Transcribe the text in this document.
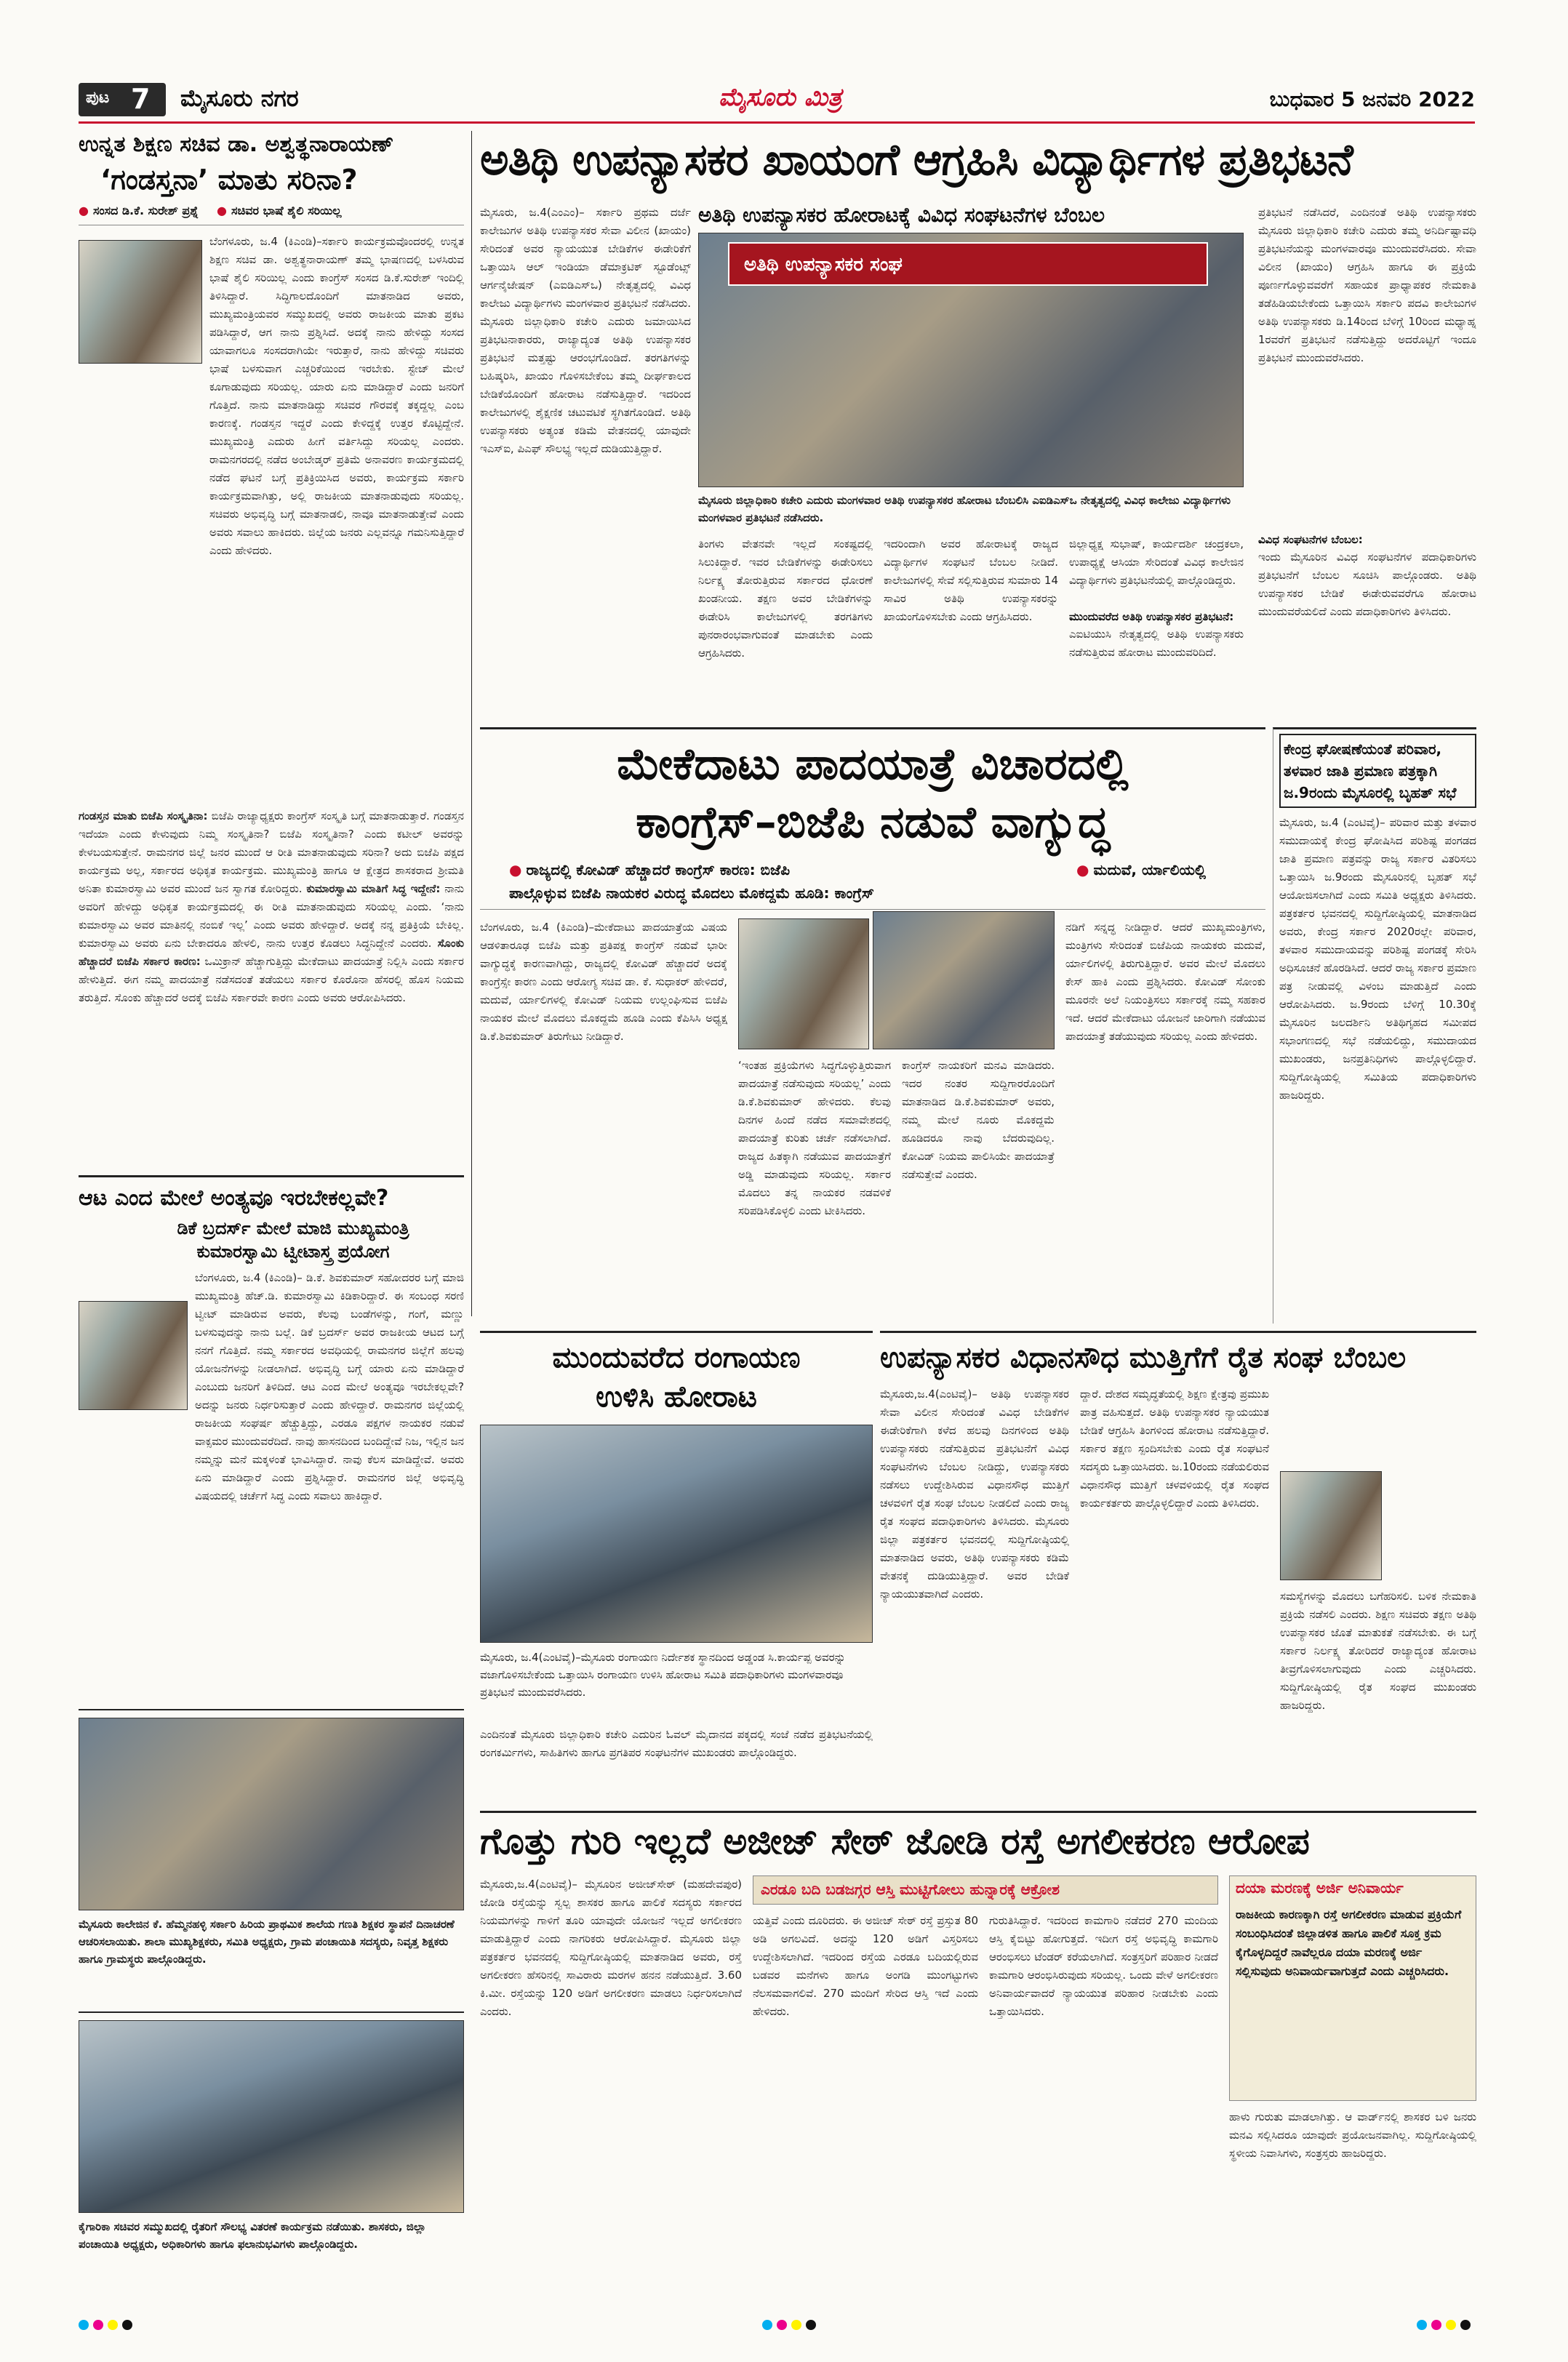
ಪುಟ 7 ಮೈಸೂರು ನಗರ	ಮೈಸೂರು ಮಿತ್ರ	ಬುಧವಾರ 5 ಜನವರಿ 2022
ಉನ್ನತ ಶಿಕ್ಷಣ ಸಚಿವ ಡಾ. ಅಶ್ವತ್ಥನಾರಾಯಣ್
‘ಗಂಡಸ್ತನಾ’ ಮಾತು ಸರಿನಾ?
● ಸಂಸದ ಡಿ.ಕೆ. ಸುರೇಶ್ ಪ್ರಶ್ನೆ ●	ಸಚಿವರ ಭಾಷೆ ಶೈಲಿ ಸರಿಯಿಲ್ಲ
ಬೆಂಗಳೂರು, ಜ.4 (ಕಿಎಂಡಿ)–ಸರ್ಕಾರಿ ಕಾರ್ಯಕ್ರಮವೊಂದರಲ್ಲಿ ಉನ್ನತ ಶಿಕ್ಷಣ ಸಚಿವ ಡಾ. ಅಶ್ವತ್ಥನಾರಾಯಣ್ ತಮ್ಮ ಭಾಷಣದಲ್ಲಿ ಬಳಸಿರುವ ಭಾಷೆ ಶೈಲಿ ಸರಿಯಿಲ್ಲ ಎಂದು ಕಾಂಗ್ರೆಸ್ ಸಂಸದ ಡಿ.ಕೆ.ಸುರೇಶ್ ಇಂದಿಲ್ಲಿ ತಿಳಿಸಿದ್ದಾರೆ. ಸಿದ್ಧಿಗಾಲದೊಂದಿಗೆ ಮಾತನಾಡಿದ ಅವರು, ಮುಖ್ಯಮಂತ್ರಿಯವರ ಸಮ್ಮುಖದಲ್ಲಿ ಅವರು ರಾಜಕೀಯ ಮಾತು ಪ್ರಕಟ ಪಡಿಸಿದ್ದಾರೆ, ಆಗ ನಾನು ಪ್ರಶ್ನಿಸಿದೆ. ಅದಕ್ಕೆ ನಾನು ಹೇಳಿದ್ದು ಸಂಸದ ಯಾವಾಗಲೂ ಸಂಸದರಾಗಿಯೇ ಇರುತ್ತಾರೆ, ನಾನು ಹೇಳಿದ್ದು ಸಚಿವರು ಭಾಷೆ ಬಳಸುವಾಗ ಎಚ್ಚರಿಕೆಯಿಂದ ಇರಬೇಕು. ಸ್ಟೇಜ್ ಮೇಲೆ ಕೂಗಾಡುವುದು ಸರಿಯಲ್ಲ. ಯಾರು ಏನು ಮಾಡಿದ್ದಾರೆ ಎಂದು ಜನರಿಗೆ ಗೊತ್ತಿದೆ. ನಾನು ಮಾತನಾಡಿದ್ದು ಸಚಿವರ ಗೌರವಕ್ಕೆ ತಕ್ಕದ್ದಲ್ಲ ಎಂಬ ಕಾರಣಕ್ಕೆ. ಗಂಡಸ್ತನ ಇದ್ದರೆ ಎಂದು ಕೇಳಿದ್ದಕ್ಕೆ ಉತ್ತರ ಕೊಟ್ಟಿದ್ದೇನೆ. ಮುಖ್ಯಮಂತ್ರಿ ಎದುರು ಹೀಗೆ ವರ್ತಿಸಿದ್ದು ಸರಿಯಲ್ಲ ಎಂದರು. ರಾಮನಗರದಲ್ಲಿ ನಡೆದ ಅಂಬೇಡ್ಕರ್ ಪ್ರತಿಮೆ ಅನಾವರಣ ಕಾರ್ಯಕ್ರಮದಲ್ಲಿ ನಡೆದ ಘಟನೆ ಬಗ್ಗೆ ಪ್ರತಿಕ್ರಿಯಿಸಿದ ಅವರು, ಕಾರ್ಯಕ್ರಮ ಸರ್ಕಾರಿ ಕಾರ್ಯಕ್ರಮವಾಗಿತ್ತು, ಅಲ್ಲಿ ರಾಜಕೀಯ ಮಾತನಾಡುವುದು ಸರಿಯಲ್ಲ. ಸಚಿವರು ಅಭಿವೃದ್ಧಿ ಬಗ್ಗೆ ಮಾತನಾಡಲಿ, ನಾವೂ ಮಾತನಾಡುತ್ತೇವೆ ಎಂದು ಅವರು ಸವಾಲು ಹಾಕಿದರು. ಜಿಲ್ಲೆಯ ಜನರು ಎಲ್ಲವನ್ನೂ ಗಮನಿಸುತ್ತಿದ್ದಾರೆ ಎಂದು ಹೇಳಿದರು.
ಗಂಡಸ್ತನ ಮಾತು ಬಿಜೆಪಿ ಸಂಸ್ಕೃತಿನಾ: ಬಿಜೆಪಿ ರಾಜ್ಯಾಧ್ಯಕ್ಷರು ಕಾಂಗ್ರೆಸ್ ಸಂಸ್ಕೃತಿ ಬಗ್ಗೆ ಮಾತನಾಡುತ್ತಾರೆ. ಗಂಡಸ್ತನ ಇದೆಯಾ ಎಂದು ಕೇಳುವುದು ನಿಮ್ಮ ಸಂಸ್ಕೃತಿನಾ? ಬಿಜೆಪಿ ಸಂಸ್ಕೃತಿನಾ? ಎಂದು ಕಟೀಲ್ ಅವರನ್ನು ಕೇಳಬಯಸುತ್ತೇನೆ. ರಾಮನಗರ ಜಿಲ್ಲೆ ಜನರ ಮುಂದೆ ಆ ರೀತಿ ಮಾತನಾಡುವುದು ಸರಿನಾ? ಅದು ಬಿಜೆಪಿ ಪಕ್ಷದ ಕಾರ್ಯಕ್ರಮ ಅಲ್ಲ, ಸರ್ಕಾರದ ಅಧಿಕೃತ ಕಾರ್ಯಕ್ರಮ. ಮುಖ್ಯಮಂತ್ರಿ ಹಾಗೂ ಆ ಕ್ಷೇತ್ರದ ಶಾಸಕರಾದ ಶ್ರೀಮತಿ ಅನಿತಾ ಕುಮಾರಸ್ವಾಮಿ ಅವರ ಮುಂದೆ ಜನ ಸ್ವಾಗತ ಕೋರಿದ್ದರು. ಕುಮಾರಸ್ವಾಮಿ ಮಾತಿಗೆ ಸಿದ್ಧ ಇದ್ದೇನೆ: ನಾನು ಅವರಿಗೆ ಹೇಳಿದ್ದು ಅಧಿಕೃತ ಕಾರ್ಯಕ್ರಮದಲ್ಲಿ ಈ ರೀತಿ ಮಾತನಾಡುವುದು ಸರಿಯಲ್ಲ ಎಂದು. ‘ನಾನು ಕುಮಾರಸ್ವಾಮಿ ಅವರ ಮಾತಿನಲ್ಲಿ ನಂಬಿಕೆ ಇಲ್ಲ’ ಎಂದು ಅವರು ಹೇಳಿದ್ದಾರೆ. ಅದಕ್ಕೆ ನನ್ನ ಪ್ರತಿಕ್ರಿಯೆ ಬೇಕಿಲ್ಲ. ಕುಮಾರಸ್ವಾಮಿ ಅವರು ಏನು ಬೇಕಾದರೂ ಹೇಳಲಿ, ನಾನು ಉತ್ತರ ಕೊಡಲು ಸಿದ್ಧನಿದ್ದೇನೆ ಎಂದರು. ಸೊಂಕು ಹೆಚ್ಚಾದರೆ ಬಿಜೆಪಿ ಸರ್ಕಾರ ಕಾರಣ: ಒಮಿಕ್ರಾನ್ ಹೆಚ್ಚಾಗುತ್ತಿದ್ದು ಮೇಕೆದಾಟು ಪಾದಯಾತ್ರೆ ನಿಲ್ಲಿಸಿ ಎಂದು ಸರ್ಕಾರ ಹೇಳುತ್ತಿದೆ. ಈಗ ನಮ್ಮ ಪಾದಯಾತ್ರೆ ನಡೆಸದಂತೆ ತಡೆಯಲು ಸರ್ಕಾರ ಕೊರೊನಾ ಹೆಸರಲ್ಲಿ ಹೊಸ ನಿಯಮ ತರುತ್ತಿದೆ. ಸೊಂಕು ಹೆಚ್ಚಾದರೆ ಅದಕ್ಕೆ ಬಿಜೆಪಿ ಸರ್ಕಾರವೇ ಕಾರಣ ಎಂದು ಅವರು ಆರೋಪಿಸಿದರು.
ಆಟ ಎಂದ ಮೇಲೆ ಅಂತ್ಯವೂ ಇರಬೇಕಲ್ಲವೇ?
ಡಿಕೆ ಬ್ರದರ್ಸ್ ಮೇಲೆ ಮಾಜಿ ಮುಖ್ಯಮಂತ್ರಿ
ಕುಮಾರಸ್ವಾಮಿ ಟ್ವೀಟಾಸ್ತ್ರ ಪ್ರಯೋಗ
ಬೆಂಗಳೂರು, ಜ.4 (ಕಿಎಂಡಿ)– ಡಿ.ಕೆ. ಶಿವಕುಮಾರ್ ಸಹೋದರರ ಬಗ್ಗೆ ಮಾಜಿ ಮುಖ್ಯಮಂತ್ರಿ ಹೆಚ್.ಡಿ. ಕುಮಾರಸ್ವಾಮಿ ಕಿಡಿಕಾರಿದ್ದಾರೆ. ಈ ಸಂಬಂಧ ಸರಣಿ ಟ್ವೀಟ್ ಮಾಡಿರುವ ಅವರು, ಕೆಲವು ಬಂಡೆಗಳನ್ನು, ಗಂಗೆ, ಮಣ್ಣು ಬಳಸುವುದನ್ನು ನಾನು ಬಲ್ಲೆ. ಡಿಕೆ ಬ್ರದರ್ಸ್ ಅವರ ರಾಜಕೀಯ ಆಟದ ಬಗ್ಗೆ ನನಗೆ ಗೊತ್ತಿದೆ. ನಮ್ಮ ಸರ್ಕಾರದ ಅವಧಿಯಲ್ಲಿ ರಾಮನಗರ ಜಿಲ್ಲೆಗೆ ಹಲವು ಯೋಜನೆಗಳನ್ನು ನೀಡಲಾಗಿದೆ. ಅಭಿವೃದ್ಧಿ ಬಗ್ಗೆ ಯಾರು ಏನು ಮಾಡಿದ್ದಾರೆ ಎಂಬುದು ಜನರಿಗೆ ತಿಳಿದಿದೆ. ಆಟ ಎಂದ ಮೇಲೆ ಅಂತ್ಯವೂ ಇರಬೇಕಲ್ಲವೇ? ಅದನ್ನು ಜನರು ನಿರ್ಧರಿಸುತ್ತಾರೆ ಎಂದು ಹೇಳಿದ್ದಾರೆ. ರಾಮನಗರ ಜಿಲ್ಲೆಯಲ್ಲಿ ರಾಜಕೀಯ ಸಂಘರ್ಷ ಹೆಚ್ಚುತ್ತಿದ್ದು, ಎರಡೂ ಪಕ್ಷಗಳ ನಾಯಕರ ನಡುವೆ ವಾಕ್ಸಮರ ಮುಂದುವರೆದಿದೆ. ನಾವು ಹಾಸನದಿಂದ ಬಂದಿದ್ದೇವೆ ನಿಜ, ಇಲ್ಲಿನ ಜನ ನಮ್ಮನ್ನು ಮನೆ ಮಕ್ಕಳಂತೆ ಭಾವಿಸಿದ್ದಾರೆ. ನಾವು ಕೆಲಸ ಮಾಡಿದ್ದೇವೆ. ಅವರು ಏನು ಮಾಡಿದ್ದಾರೆ ಎಂದು ಪ್ರಶ್ನಿಸಿದ್ದಾರೆ. ರಾಮನಗರ ಜಿಲ್ಲೆ ಅಭಿವೃದ್ಧಿ ವಿಷಯದಲ್ಲಿ ಚರ್ಚೆಗೆ ಸಿದ್ಧ ಎಂದು ಸವಾಲು ಹಾಕಿದ್ದಾರೆ.
ಮೈಸೂರು ಕಾಲೇಜಿನ ಕೆ. ಹೆಮ್ಮನಹಳ್ಳಿ ಸರ್ಕಾರಿ ಹಿರಿಯ ಪ್ರಾಥಮಿಕ ಶಾಲೆಯ ಗಣತಿ ಶಿಕ್ಷಕರ ಸ್ಥಾಪನೆ ದಿನಾಚರಣೆ ಆಚರಿಸಲಾಯಿತು. ಶಾಲಾ ಮುಖ್ಯಶಿಕ್ಷಕರು, ಸಮಿತಿ ಅಧ್ಯಕ್ಷರು, ಗ್ರಾಮ ಪಂಚಾಯಿತಿ ಸದಸ್ಯರು, ನಿವೃತ್ತ ಶಿಕ್ಷಕರು ಹಾಗೂ ಗ್ರಾಮಸ್ಥರು ಪಾಲ್ಗೊಂಡಿದ್ದರು.
ಕೈಗಾರಿಕಾ ಸಚಿವರ ಸಮ್ಮುಖದಲ್ಲಿ ರೈತರಿಗೆ ಸೌಲಭ್ಯ ವಿತರಣೆ ಕಾರ್ಯಕ್ರಮ ನಡೆಯಿತು. ಶಾಸಕರು, ಜಿಲ್ಲಾ ಪಂಚಾಯಿತಿ ಅಧ್ಯಕ್ಷರು, ಅಧಿಕಾರಿಗಳು ಹಾಗೂ ಫಲಾನುಭವಿಗಳು ಪಾಲ್ಗೊಂಡಿದ್ದರು.
ಅತಿಥಿ ಉಪನ್ಯಾಸಕರ ಖಾಯಂಗೆ ಆಗ್ರಹಿಸಿ ವಿದ್ಯಾರ್ಥಿಗಳ ಪ್ರತಿಭಟನೆ
ಅತಿಥಿ ಉಪನ್ಯಾಸಕರ ಹೋರಾಟಕ್ಕೆ ವಿವಿಧ ಸಂಘಟನೆಗಳ ಬೆಂಬಲ
ಅತಿಥಿ ಉಪನ್ಯಾಸಕರ ಸಂಘ
ಮೈಸೂರು ಜಿಲ್ಲಾಧಿಕಾರಿ ಕಚೇರಿ ಎದುರು ಮಂಗಳವಾರ ಅತಿಥಿ ಉಪನ್ಯಾಸಕರ ಹೋರಾಟ ಬೆಂಬಲಿಸಿ ಎಐಡಿಎಸ್ಒ ನೇತೃತ್ವದಲ್ಲಿ ವಿವಿಧ ಕಾಲೇಜು ವಿದ್ಯಾರ್ಥಿಗಳು ಮಂಗಳವಾರ ಪ್ರತಿಭಟನೆ ನಡೆಸಿದರು.
ಮೈಸೂರು, ಜ.4(ಎಂಎಂ)– ಸರ್ಕಾರಿ ಪ್ರಥಮ ದರ್ಜೆ ಕಾಲೇಜುಗಳ ಅತಿಥಿ ಉಪನ್ಯಾಸಕರ ಸೇವಾ ವಿಲೀನ (ಖಾಯಂ) ಸೇರಿದಂತೆ ಅವರ ನ್ಯಾಯಯುತ ಬೇಡಿಕೆಗಳ ಈಡೇರಿಕೆಗೆ ಒತ್ತಾಯಿಸಿ ಆಲ್ ಇಂಡಿಯಾ ಡೆಮಾಕ್ರಟಿಕ್ ಸ್ಟೂಡೆಂಟ್ಸ್ ಆರ್ಗನೈಜೇಷನ್ (ಎಐಡಿಎಸ್ಒ) ನೇತೃತ್ವದಲ್ಲಿ ವಿವಿಧ ಕಾಲೇಜು ವಿದ್ಯಾರ್ಥಿಗಳು ಮಂಗಳವಾರ ಪ್ರತಿಭಟನೆ ನಡೆಸಿದರು. ಮೈಸೂರು ಜಿಲ್ಲಾಧಿಕಾರಿ ಕಚೇರಿ ಎದುರು ಜಮಾಯಿಸಿದ ಪ್ರತಿಭಟನಾಕಾರರು, ರಾಜ್ಯಾದ್ಯಂತ ಅತಿಥಿ ಉಪನ್ಯಾಸಕರ ಪ್ರತಿಭಟನೆ ಮತ್ತಷ್ಟು ಆರಂಭಗೊಂಡಿದೆ. ತರಗತಿಗಳನ್ನು ಬಹಿಷ್ಕರಿಸಿ, ಖಾಯಂ ಗೊಳಿಸಬೇಕೆಂಬ ತಮ್ಮ ದೀರ್ಘಕಾಲದ ಬೇಡಿಕೆಯೊಂದಿಗೆ ಹೋರಾಟ ನಡೆಸುತ್ತಿದ್ದಾರೆ. ಇದರಿಂದ ಕಾಲೇಜುಗಳಲ್ಲಿ ಶೈಕ್ಷಣಿಕ ಚಟುವಟಿಕೆ ಸ್ಥಗಿತಗೊಂಡಿದೆ. ಅತಿಥಿ ಉಪನ್ಯಾಸಕರು ಅತ್ಯಂತ ಕಡಿಮೆ ವೇತನದಲ್ಲಿ ಯಾವುದೇ ಇಎಸ್ಐ, ಪಿಎಫ್ ಸೌಲಭ್ಯ ಇಲ್ಲದೆ ದುಡಿಯುತ್ತಿದ್ದಾರೆ.
ತಿಂಗಳು ವೇತನವೇ ಇಲ್ಲದೆ ಸಂಕಷ್ಟದಲ್ಲಿ ಸಿಲುಕಿದ್ದಾರೆ. ಇವರ ಬೇಡಿಕೆಗಳನ್ನು ಈಡೇರಿಸಲು ನಿರ್ಲಕ್ಷ್ಯ ತೋರುತ್ತಿರುವ ಸರ್ಕಾರದ ಧೋರಣೆ ಖಂಡನೀಯ. ತಕ್ಷಣ ಅವರ ಬೇಡಿಕೆಗಳನ್ನು ಈಡೇರಿಸಿ ಕಾಲೇಜುಗಳಲ್ಲಿ ತರಗತಿಗಳು ಪುನರಾರಂಭವಾಗುವಂತೆ ಮಾಡಬೇಕು ಎಂದು ಆಗ್ರಹಿಸಿದರು.
ಇದರಿಂದಾಗಿ ಅವರ ಹೋರಾಟಕ್ಕೆ ರಾಜ್ಯದ ವಿದ್ಯಾರ್ಥಿಗಳ ಸಂಘಟನೆ ಬೆಂಬಲ ನೀಡಿದೆ. ಕಾಲೇಜುಗಳಲ್ಲಿ ಸೇವೆ ಸಲ್ಲಿಸುತ್ತಿರುವ ಸುಮಾರು 14 ಸಾವಿರ ಅತಿಥಿ ಉಪನ್ಯಾಸಕರನ್ನು ಖಾಯಂಗೊಳಿಸಬೇಕು ಎಂದು ಆಗ್ರಹಿಸಿದರು.
ಜಿಲ್ಲಾಧ್ಯಕ್ಷ ಸುಭಾಷ್, ಕಾರ್ಯದರ್ಶಿ ಚಂದ್ರಕಲಾ, ಉಪಾಧ್ಯಕ್ಷೆ ಆಸಿಯಾ ಸೇರಿದಂತೆ ವಿವಿಧ ಕಾಲೇಜಿನ ವಿದ್ಯಾರ್ಥಿಗಳು ಪ್ರತಿಭಟನೆಯಲ್ಲಿ ಪಾಲ್ಗೊಂಡಿದ್ದರು.
ಮುಂದುವರೆದ ಅತಿಥಿ ಉಪನ್ಯಾಸಕರ ಪ್ರತಿಭಟನೆ:
ಎಐಟಿಯುಸಿ ನೇತೃತ್ವದಲ್ಲಿ ಅತಿಥಿ ಉಪನ್ಯಾಸಕರು ನಡೆಸುತ್ತಿರುವ ಹೋರಾಟ ಮುಂದುವರಿದಿದೆ.
ಪ್ರತಿಭಟನೆ ನಡೆಸಿದರೆ, ಎಂದಿನಂತೆ ಅತಿಥಿ ಉಪನ್ಯಾಸಕರು ಮೈಸೂರು ಜಿಲ್ಲಾಧಿಕಾರಿ ಕಚೇರಿ ಎದುರು ತಮ್ಮ ಅನಿರ್ದಿಷ್ಟಾವಧಿ ಪ್ರತಿಭಟನೆಯನ್ನು ಮಂಗಳವಾರವೂ ಮುಂದುವರೆಸಿದರು. ಸೇವಾ ವಿಲೀನ (ಖಾಯಂ) ಆಗ್ರಹಿಸಿ ಹಾಗೂ ಈ ಪ್ರಕ್ರಿಯೆ ಪೂರ್ಣಗೊಳ್ಳುವವರೆಗೆ ಸಹಾಯಕ ಪ್ರಾಧ್ಯಾಪಕರ ನೇಮಕಾತಿ ತಡೆಹಿಡಿಯಬೇಕೆಂದು ಒತ್ತಾಯಿಸಿ ಸರ್ಕಾರಿ ಪದವಿ ಕಾಲೇಜುಗಳ ಅತಿಥಿ ಉಪನ್ಯಾಸಕರು ಡಿ.14ರಿಂದ ಬೆಳಿಗ್ಗೆ 10ರಿಂದ ಮಧ್ಯಾಹ್ನ 1ರವರೆಗೆ ಪ್ರತಿಭಟನೆ ನಡೆಸುತ್ತಿದ್ದು ಅದರೊಟ್ಟಿಗೆ ಇಂದೂ ಪ್ರತಿಭಟನೆ ಮುಂದುವರೆಸಿದರು.
ವಿವಿಧ ಸಂಘಟನೆಗಳ ಬೆಂಬಲ:
ಇಂದು ಮೈಸೂರಿನ ವಿವಿಧ ಸಂಘಟನೆಗಳ ಪದಾಧಿಕಾರಿಗಳು ಪ್ರತಿಭಟನೆಗೆ ಬೆಂಬಲ ಸೂಚಿಸಿ ಪಾಲ್ಗೊಂಡರು. ಅತಿಥಿ ಉಪನ್ಯಾಸಕರ ಬೇಡಿಕೆ ಈಡೇರುವವರೆಗೂ ಹೋರಾಟ ಮುಂದುವರೆಯಲಿದೆ ಎಂದು ಪದಾಧಿಕಾರಿಗಳು ತಿಳಿಸಿದರು.
ಮೇಕೆದಾಟು ಪಾದಯಾತ್ರೆ ವಿಚಾರದಲ್ಲಿ
ಕಾಂಗ್ರೆಸ್–ಬಿಜೆಪಿ ನಡುವೆ ವಾಗ್ಯುದ್ಧ
● ರಾಜ್ಯದಲ್ಲಿ ಕೋವಿಡ್ ಹೆಚ್ಚಾದರೆ ಕಾಂಗ್ರೆಸ್ ಕಾರಣ: ಬಿಜೆಪಿ
ಪಾಲ್ಗೊಳ್ಳುವ ಬಿಜೆಪಿ ನಾಯಕರ ವಿರುದ್ಧ ಮೊದಲು ಮೊಕದ್ದಮೆ ಹೂಡಿ: ಕಾಂಗ್ರೆಸ್
● ಮದುವೆ, ರ್ಯಾಲಿಯಲ್ಲಿ
ಬೆಂಗಳೂರು, ಜ.4 (ಕಿಎಂಡಿ)–ಮೇಕೆದಾಟು ಪಾದಯಾತ್ರೆಯ ವಿಷಯ ಆಡಳಿತಾರೂಢ ಬಿಜೆಪಿ ಮತ್ತು ಪ್ರತಿಪಕ್ಷ ಕಾಂಗ್ರೆಸ್ ನಡುವೆ ಭಾರೀ ವಾಗ್ಯುದ್ಧಕ್ಕೆ ಕಾರಣವಾಗಿದ್ದು, ರಾಜ್ಯದಲ್ಲಿ ಕೋವಿಡ್ ಹೆಚ್ಚಾದರೆ ಅದಕ್ಕೆ ಕಾಂಗ್ರೆಸ್ಸೇ ಕಾರಣ ಎಂದು ಆರೋಗ್ಯ ಸಚಿವ ಡಾ. ಕೆ. ಸುಧಾಕರ್ ಹೇಳಿದರೆ, ಮದುವೆ, ರ್ಯಾಲಿಗಳಲ್ಲಿ ಕೋವಿಡ್ ನಿಯಮ ಉಲ್ಲಂಘಿಸುವ ಬಿಜೆಪಿ ನಾಯಕರ ಮೇಲೆ ಮೊದಲು ಮೊಕದ್ದಮೆ ಹೂಡಿ ಎಂದು ಕೆಪಿಸಿಸಿ ಅಧ್ಯಕ್ಷ ಡಿ.ಕೆ.ಶಿವಕುಮಾರ್ ತಿರುಗೇಟು ನೀಡಿದ್ದಾರೆ.
‘ಇಂತಹ ಪ್ರಕ್ರಿಯೆಗಳು ಸಿದ್ಧಗೊಳ್ಳುತ್ತಿರುವಾಗ ಪಾದಯಾತ್ರೆ ನಡೆಸುವುದು ಸರಿಯಲ್ಲ’ ಎಂದು ಡಿ.ಕೆ.ಶಿವಕುಮಾರ್ ಹೇಳಿದರು. ಕೆಲವು ದಿನಗಳ ಹಿಂದೆ ನಡೆದ ಸಮಾವೇಶದಲ್ಲಿ ಪಾದಯಾತ್ರೆ ಕುರಿತು ಚರ್ಚೆ ನಡೆಸಲಾಗಿದೆ. ರಾಜ್ಯದ ಹಿತಕ್ಕಾಗಿ ನಡೆಯುವ ಪಾದಯಾತ್ರೆಗೆ ಅಡ್ಡಿ ಮಾಡುವುದು ಸರಿಯಲ್ಲ. ಸರ್ಕಾರ ಮೊದಲು ತನ್ನ ನಾಯಕರ ನಡವಳಿಕೆ ಸರಿಪಡಿಸಿಕೊಳ್ಳಲಿ ಎಂದು ಟೀಕಿಸಿದರು.
ಕಾಂಗ್ರೆಸ್ ನಾಯಕರಿಗೆ ಮನವಿ ಮಾಡಿದರು. ಇದರ ನಂತರ ಸುದ್ದಿಗಾರರೊಂದಿಗೆ ಮಾತನಾಡಿದ ಡಿ.ಕೆ.ಶಿವಕುಮಾರ್ ಅವರು, ನಮ್ಮ ಮೇಲೆ ನೂರು ಮೊಕದ್ದಮೆ ಹೂಡಿದರೂ ನಾವು ಬೆದರುವುದಿಲ್ಲ. ಕೋವಿಡ್ ನಿಯಮ ಪಾಲಿಸಿಯೇ ಪಾದಯಾತ್ರೆ ನಡೆಸುತ್ತೇವೆ ಎಂದರು.
ನಡಿಗೆ ಸನ್ನದ್ಧ ನೀಡಿದ್ದಾರೆ. ಆದರೆ ಮುಖ್ಯಮಂತ್ರಿಗಳು, ಮಂತ್ರಿಗಳು ಸೇರಿದಂತೆ ಬಿಜೆಪಿಯ ನಾಯಕರು ಮದುವೆ, ರ್ಯಾಲಿಗಳಲ್ಲಿ ತಿರುಗುತ್ತಿದ್ದಾರೆ. ಅವರ ಮೇಲೆ ಮೊದಲು ಕೇಸ್ ಹಾಕಿ ಎಂದು ಪ್ರಶ್ನಿಸಿದರು. ಕೋವಿಡ್ ಸೋಂಕು ಮೂರನೇ ಅಲೆ ನಿಯಂತ್ರಿಸಲು ಸರ್ಕಾರಕ್ಕೆ ನಮ್ಮ ಸಹಕಾರ ಇದೆ. ಆದರೆ ಮೇಕೆದಾಟು ಯೋಜನೆ ಜಾರಿಗಾಗಿ ನಡೆಯುವ ಪಾದಯಾತ್ರೆ ತಡೆಯುವುದು ಸರಿಯಲ್ಲ ಎಂದು ಹೇಳಿದರು.
ಕೇಂದ್ರ ಘೋಷಣೆಯಂತೆ ಪರಿವಾರ, ತಳವಾರ ಜಾತಿ ಪ್ರಮಾಣ ಪತ್ರಕ್ಕಾಗಿ ಜ.9ರಂದು ಮೈಸೂರಲ್ಲಿ ಬೃಹತ್ ಸಭೆ
ಮೈಸೂರು, ಜ.4 (ಎಂಟಿವೈ)– ಪರಿವಾರ ಮತ್ತು ತಳವಾರ ಸಮುದಾಯಕ್ಕೆ ಕೇಂದ್ರ ಘೋಷಿಸಿದ ಪರಿಶಿಷ್ಟ ಪಂಗಡದ ಜಾತಿ ಪ್ರಮಾಣ ಪತ್ರವನ್ನು ರಾಜ್ಯ ಸರ್ಕಾರ ವಿತರಿಸಲು ಒತ್ತಾಯಿಸಿ ಜ.9ರಂದು ಮೈಸೂರಿನಲ್ಲಿ ಬೃಹತ್ ಸಭೆ ಆಯೋಜಿಸಲಾಗಿದೆ ಎಂದು ಸಮಿತಿ ಅಧ್ಯಕ್ಷರು ತಿಳಿಸಿದರು. ಪತ್ರಕರ್ತರ ಭವನದಲ್ಲಿ ಸುದ್ದಿಗೋಷ್ಠಿಯಲ್ಲಿ ಮಾತನಾಡಿದ ಅವರು, ಕೇಂದ್ರ ಸರ್ಕಾರ 2020ರಲ್ಲೇ ಪರಿವಾರ, ತಳವಾರ ಸಮುದಾಯವನ್ನು ಪರಿಶಿಷ್ಟ ಪಂಗಡಕ್ಕೆ ಸೇರಿಸಿ ಅಧಿಸೂಚನೆ ಹೊರಡಿಸಿದೆ. ಆದರೆ ರಾಜ್ಯ ಸರ್ಕಾರ ಪ್ರಮಾಣ ಪತ್ರ ನೀಡುವಲ್ಲಿ ವಿಳಂಬ ಮಾಡುತ್ತಿದೆ ಎಂದು ಆರೋಪಿಸಿದರು. ಜ.9ರಂದು ಬೆಳಿಗ್ಗೆ 10.30ಕ್ಕೆ ಮೈಸೂರಿನ ಜಲದರ್ಶಿನಿ ಅತಿಥಿಗೃಹದ ಸಮೀಪದ ಸಭಾಂಗಣದಲ್ಲಿ ಸಭೆ ನಡೆಯಲಿದ್ದು, ಸಮುದಾಯದ ಮುಖಂಡರು, ಜನಪ್ರತಿನಿಧಿಗಳು ಪಾಲ್ಗೊಳ್ಳಲಿದ್ದಾರೆ. ಸುದ್ದಿಗೋಷ್ಠಿಯಲ್ಲಿ ಸಮಿತಿಯ ಪದಾಧಿಕಾರಿಗಳು ಹಾಜರಿದ್ದರು.
ಮುಂದುವರೆದ ರಂಗಾಯಣ
ಉಳಿಸಿ ಹೋರಾಟ
ಮೈಸೂರು, ಜ.4(ಎಂಟಿವೈ)–ಮೈಸೂರು ರಂಗಾಯಣ ನಿರ್ದೇಶಕ ಸ್ಥಾನದಿಂದ ಅಡ್ಡಂಡ ಸಿ.ಕಾರ್ಯಪ್ಪ ಅವರನ್ನು ವಜಾಗೊಳಿಸಬೇಕೆಂದು ಒತ್ತಾಯಿಸಿ ರಂಗಾಯಣ ಉಳಿಸಿ ಹೋರಾಟ ಸಮಿತಿ ಪದಾಧಿಕಾರಿಗಳು ಮಂಗಳವಾರವೂ ಪ್ರತಿಭಟನೆ ಮುಂದುವರೆಸಿದರು.
ಎಂದಿನಂತೆ ಮೈಸೂರು ಜಿಲ್ಲಾಧಿಕಾರಿ ಕಚೇರಿ ಎದುರಿನ ಓವಲ್ ಮೈದಾನದ ಪಕ್ಕದಲ್ಲಿ ಸಂಜೆ ನಡೆದ ಪ್ರತಿಭಟನೆಯಲ್ಲಿ ರಂಗಕರ್ಮಿಗಳು, ಸಾಹಿತಿಗಳು ಹಾಗೂ ಪ್ರಗತಿಪರ ಸಂಘಟನೆಗಳ ಮುಖಂಡರು ಪಾಲ್ಗೊಂಡಿದ್ದರು.
ಉಪನ್ಯಾಸಕರ ವಿಧಾನಸೌಧ ಮುತ್ತಿಗೆಗೆ ರೈತ ಸಂಘ ಬೆಂಬಲ
ಮೈಸೂರು,ಜ.4(ಎಂಟಿವೈ)– ಅತಿಥಿ ಉಪನ್ಯಾಸಕರ ಸೇವಾ ವಿಲೀನ ಸೇರಿದಂತೆ ವಿವಿಧ ಬೇಡಿಕೆಗಳ ಈಡೇರಿಕೆಗಾಗಿ ಕಳೆದ ಹಲವು ದಿನಗಳಿಂದ ಅತಿಥಿ ಉಪನ್ಯಾಸಕರು ನಡೆಸುತ್ತಿರುವ ಪ್ರತಿಭಟನೆಗೆ ವಿವಿಧ ಸಂಘಟನೆಗಳು ಬೆಂಬಲ ನೀಡಿದ್ದು, ಉಪನ್ಯಾಸಕರು ನಡೆಸಲು ಉದ್ದೇಶಿಸಿರುವ ವಿಧಾನಸೌಧ ಮುತ್ತಿಗೆ ಚಳವಳಿಗೆ ರೈತ ಸಂಘ ಬೆಂಬಲ ನೀಡಲಿದೆ ಎಂದು ರಾಜ್ಯ ರೈತ ಸಂಘದ ಪದಾಧಿಕಾರಿಗಳು ತಿಳಿಸಿದರು. ಮೈಸೂರು ಜಿಲ್ಲಾ ಪತ್ರಕರ್ತರ ಭವನದಲ್ಲಿ ಸುದ್ದಿಗೋಷ್ಠಿಯಲ್ಲಿ ಮಾತನಾಡಿದ ಅವರು, ಅತಿಥಿ ಉಪನ್ಯಾಸಕರು ಕಡಿಮೆ ವೇತನಕ್ಕೆ ದುಡಿಯುತ್ತಿದ್ದಾರೆ. ಅವರ ಬೇಡಿಕೆ ನ್ಯಾಯಯುತವಾಗಿದೆ ಎಂದರು.
ದ್ದಾರೆ. ದೇಶದ ಸಮೃದ್ಧತೆಯಲ್ಲಿ ಶಿಕ್ಷಣ ಕ್ಷೇತ್ರವು ಪ್ರಮುಖ ಪಾತ್ರ ವಹಿಸುತ್ತದೆ. ಅತಿಥಿ ಉಪನ್ಯಾಸಕರ ನ್ಯಾಯಯುತ ಬೇಡಿಕೆ ಆಗ್ರಹಿಸಿ ತಿಂಗಳಿಂದ ಹೋರಾಟ ನಡೆಸುತ್ತಿದ್ದಾರೆ. ಸರ್ಕಾರ ತಕ್ಷಣ ಸ್ಪಂದಿಸಬೇಕು ಎಂದು ರೈತ ಸಂಘಟನೆ ಸದಸ್ಯರು ಒತ್ತಾಯಿಸಿದರು. ಜ.10ರಂದು ನಡೆಯಲಿರುವ ವಿಧಾನಸೌಧ ಮುತ್ತಿಗೆ ಚಳವಳಿಯಲ್ಲಿ ರೈತ ಸಂಘದ ಕಾರ್ಯಕರ್ತರು ಪಾಲ್ಗೊಳ್ಳಲಿದ್ದಾರೆ ಎಂದು ತಿಳಿಸಿದರು.
ಸಮಸ್ಯೆಗಳನ್ನು ಮೊದಲು ಬಗೆಹರಿಸಲಿ. ಬಳಿಕ ನೇಮಕಾತಿ ಪ್ರಕ್ರಿಯೆ ನಡೆಸಲಿ ಎಂದರು. ಶಿಕ್ಷಣ ಸಚಿವರು ತಕ್ಷಣ ಅತಿಥಿ ಉಪನ್ಯಾಸಕರ ಜೊತೆ ಮಾತುಕತೆ ನಡೆಸಬೇಕು. ಈ ಬಗ್ಗೆ ಸರ್ಕಾರ ನಿರ್ಲಕ್ಷ್ಯ ತೋರಿದರೆ ರಾಜ್ಯಾದ್ಯಂತ ಹೋರಾಟ ತೀವ್ರಗೊಳಿಸಲಾಗುವುದು ಎಂದು ಎಚ್ಚರಿಸಿದರು. ಸುದ್ದಿಗೋಷ್ಠಿಯಲ್ಲಿ ರೈತ ಸಂಘದ ಮುಖಂಡರು ಹಾಜರಿದ್ದರು.
ಗೊತ್ತು ಗುರಿ ಇಲ್ಲದೆ ಅಜೀಜ್ ಸೇಠ್ ಜೋಡಿ ರಸ್ತೆ ಅಗಲೀಕರಣ ಆರೋಪ
ಮೈಸೂರು,ಜ.4(ಎಂಟಿವೈ)– ಮೈಸೂರಿನ ಅಜೀಜ್‌ಸೇಠ್ (ಮಹದೇವಪುರ) ಜೋಡಿ ರಸ್ತೆಯನ್ನು ಸ್ವಲ್ಪ ಶಾಸಕರ ಹಾಗೂ ಪಾಲಿಕೆ ಸದಸ್ಯರು ಸರ್ಕಾರದ ನಿಯಮಗಳನ್ನು ಗಾಳಿಗೆ ತೂರಿ ಯಾವುದೇ ಯೋಜನೆ ಇಲ್ಲದೆ ಅಗಲೀಕರಣ ಮಾಡುತ್ತಿದ್ದಾರೆ ಎಂದು ನಾಗರಿಕರು ಆರೋಪಿಸಿದ್ದಾರೆ. ಮೈಸೂರು ಜಿಲ್ಲಾ ಪತ್ರಕರ್ತರ ಭವನದಲ್ಲಿ ಸುದ್ದಿಗೋಷ್ಠಿಯಲ್ಲಿ ಮಾತನಾಡಿದ ಅವರು, ರಸ್ತೆ ಅಗಲೀಕರಣ ಹೆಸರಿನಲ್ಲಿ ಸಾವಿರಾರು ಮರಗಳ ಹನನ ನಡೆಯುತ್ತಿದೆ. 3.60 ಕಿ.ಮೀ. ರಸ್ತೆಯನ್ನು 120 ಅಡಿಗೆ ಅಗಲೀಕರಣ ಮಾಡಲು ನಿರ್ಧರಿಸಲಾಗಿದೆ ಎಂದರು.
ಎರಡೂ ಬದಿ ಬಡಜಗ್ಗರ ಆಸ್ತಿ ಮುಟ್ಟಿಗೋಲು ಹುನ್ನಾರಕ್ಕೆ ಆಕ್ರೋಶ
ಯತ್ತಿವೆ ಎಂದು ದೂರಿದರು. ಈ ಅಜೀಜ್ ಸೇಠ್ ರಸ್ತೆ ಪ್ರಸ್ತುತ 80 ಅಡಿ ಅಗಲವಿದೆ. ಅದನ್ನು 120 ಅಡಿಗೆ ವಿಸ್ತರಿಸಲು ಉದ್ದೇಶಿಸಲಾಗಿದೆ. ಇದರಿಂದ ರಸ್ತೆಯ ಎರಡೂ ಬದಿಯಲ್ಲಿರುವ ಬಡವರ ಮನೆಗಳು ಹಾಗೂ ಅಂಗಡಿ ಮುಂಗಟ್ಟುಗಳು ನೆಲಸಮವಾಗಲಿವೆ. 270 ಮಂದಿಗೆ ಸೇರಿದ ಆಸ್ತಿ ಇದೆ ಎಂದು ಹೇಳಿದರು.
ಗುರುತಿಸಿದ್ದಾರೆ. ಇದರಿಂದ ಕಾಮಗಾರಿ ನಡೆದರೆ 270 ಮಂದಿಯ ಆಸ್ತಿ ಕೈಬಿಟ್ಟು ಹೋಗುತ್ತದೆ. ಇದೀಗ ರಸ್ತೆ ಅಭಿವೃದ್ಧಿ ಕಾಮಗಾರಿ ಆರಂಭಿಸಲು ಟೆಂಡರ್ ಕರೆಯಲಾಗಿದೆ. ಸಂತ್ರಸ್ತರಿಗೆ ಪರಿಹಾರ ನೀಡದೆ ಕಾಮಗಾರಿ ಆರಂಭಿಸಿರುವುದು ಸರಿಯಲ್ಲ. ಒಂದು ವೇಳೆ ಅಗಲೀಕರಣ ಅನಿವಾರ್ಯವಾದರೆ ನ್ಯಾಯಯುತ ಪರಿಹಾರ ನೀಡಬೇಕು ಎಂದು ಒತ್ತಾಯಿಸಿದರು.
ದಯಾ ಮರಣಕ್ಕೆ ಅರ್ಜಿ ಅನಿವಾರ್ಯ
ರಾಜಕೀಯ ಕಾರಣಕ್ಕಾಗಿ ರಸ್ತೆ ಅಗಲೀಕರಣ ಮಾಡುವ ಪ್ರಕ್ರಿಯೆಗೆ ಸಂಬಂಧಿಸಿದಂತೆ ಜಿಲ್ಲಾಡಳಿತ ಹಾಗೂ ಪಾಲಿಕೆ ಸೂಕ್ತ ಕ್ರಮ ಕೈಗೊಳ್ಳದಿದ್ದರೆ ನಾವೆಲ್ಲರೂ ದಯಾ ಮರಣಕ್ಕೆ ಅರ್ಜಿ ಸಲ್ಲಿಸುವುದು ಅನಿವಾರ್ಯವಾಗುತ್ತದೆ ಎಂದು ಎಚ್ಚರಿಸಿದರು.
ಹಾಳು ಗುರುತು ಮಾಡಲಾಗಿತ್ತು. ಆ ವಾರ್ಡ್‌ನಲ್ಲಿ ಶಾಸಕರ ಬಳಿ ಜನರು ಮನವಿ ಸಲ್ಲಿಸಿದರೂ ಯಾವುದೇ ಪ್ರಯೋಜನವಾಗಿಲ್ಲ. ಸುದ್ದಿಗೋಷ್ಠಿಯಲ್ಲಿ ಸ್ಥಳೀಯ ನಿವಾಸಿಗಳು, ಸಂತ್ರಸ್ತರು ಹಾಜರಿದ್ದರು.
